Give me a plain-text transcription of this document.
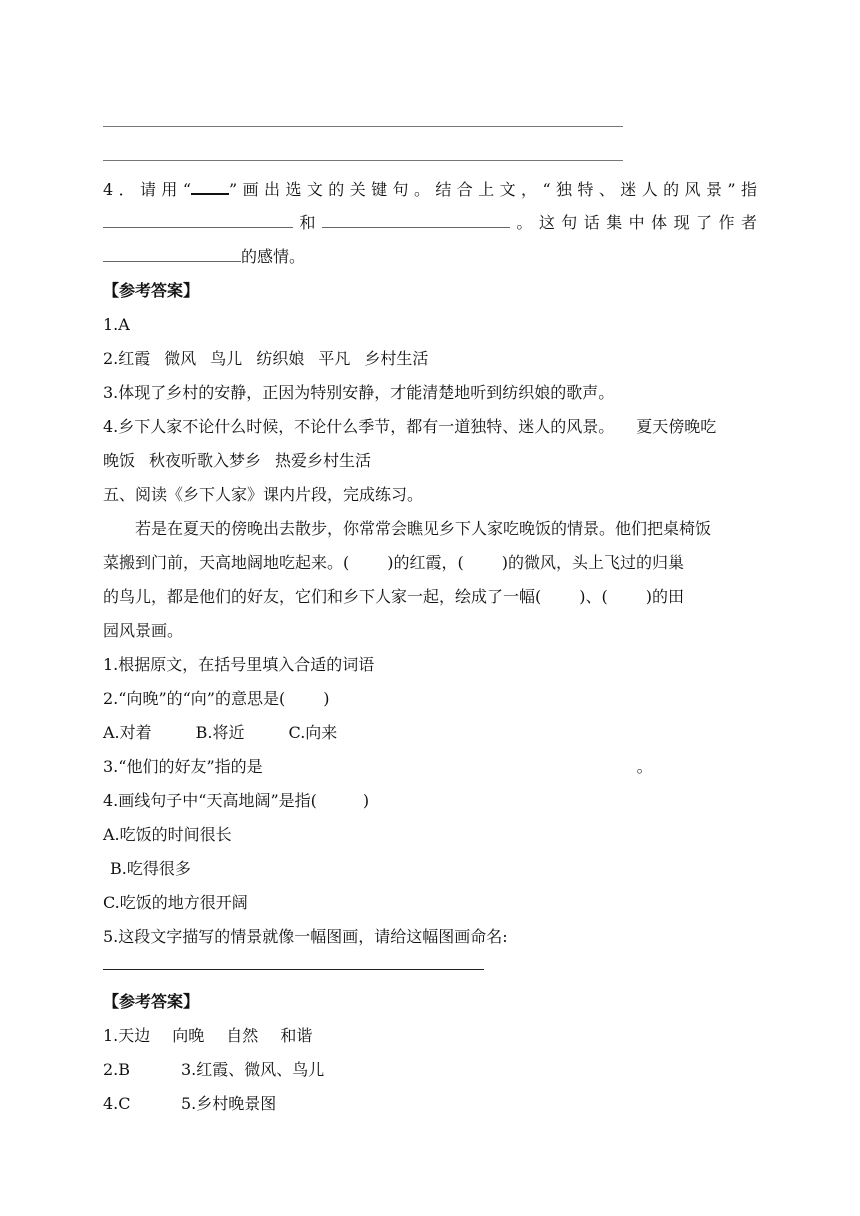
4．请用“ ”画出选文的关键句。结合上文，“独特、迷人的风景”指
和	。这句话集中体现了作者
的感情。
【参考答案】
1.A
2.红霞 微风 鸟儿 纺织娘 平凡 乡村生活
3.体现了乡村的安静，正因为特别安静，才能清楚地听到纺织娘的歌声。
4.乡下人家不论什么时候，不论什么季节，都有一道独特、迷人的风景。 夏天傍晚吃
晚饭 秋夜听歌入梦乡 热爱乡村生活
五、阅读《乡下人家》课内片段，完成练习。
若是在夏天的傍晚出去散步，你常常会瞧见乡下人家吃晚饭的情景。他们把桌椅饭
菜搬到门前，天高地阔地吃起来。( )的红霞，( )的微风，头上飞过的归巢
的鸟儿，都是他们的好友，它们和乡下人家一起，绘成了一幅( )、( )的田
园风景画。
1.根据原文，在括号里填入合适的词语
2.“向晚”的“向”的意思是( )
A.对着	B.将近	C.向来
3.“他们的好友”指的是	。
4.画线句子中“天高地阔”是指(	)
A.吃饭的时间很长
B.吃得很多
C.吃饭的地方很开阔
5.这段文字描写的情景就像一幅图画，请给这幅图画命名:
【参考答案】
1.天边 向晚 自然 和谐
2.B	3.红霞、微风、鸟儿
4.C	5.乡村晚景图
